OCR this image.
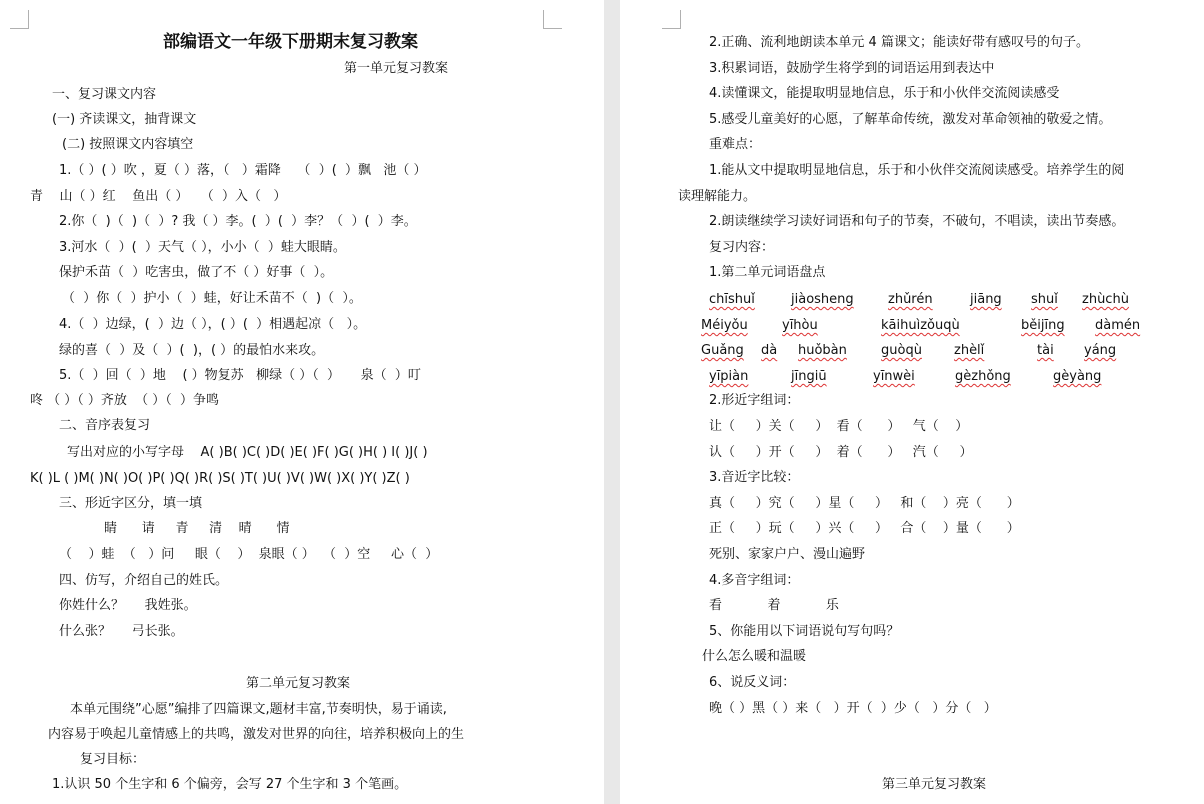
部编语文一年级下册期末复习教案
第一单元复习教案
一、复习课文内容
(一) 齐读课文，抽背课文
(二) 按照课文内容填空
1.（ ）( ）吹 ，夏（ ）落，（   ）霜降    （  ）(  ）飘   池（ ）
青    山（ ）红    鱼出（ ）   （  ）入（   ）
2.你（  )（  )（  ）? 我（ ）李。(  ）(  ）李？（  ）(  ）李。
3.河水（  ）(  ）天气（ ），小小（  ）蛙大眼睛。
保护禾苗（  ）吃害虫，做了不（ ）好事（  ）。
（  ）你（  ）护小（  ）蛙，好让禾苗不（  )（  ）。
4.（  ）边绿，(  ）边（ ），( ）(  ）相遇起凉（   ）。
绿的喜（  ）及（  ）(  )，( ）的最怕水来攻。
5.（  ）回（  ）地    ( ）物复苏   柳绿（ ）（  ）     泉（  ）叮
咚 （ ）（ ）齐放  （ ）（  ）争鸣
二、音序表复习
写出对应的小写字母    A( )B( )C( )D( )E( )F( )G( )H( ) I( )J( )
K( )L ( )M( )N( )O( )P( )Q( )R( )S( )T( )U( )V( )W( )X( )Y( )Z( )
三、形近字区分，填一填
睛      请     青     清    晴      情
（    ）蛙  （   ）问     眼（    ）  泉眼（ ）  （  ）空     心（  ）
四、仿写，介绍自己的姓氏。
你姓什么？     我姓张。
什么张？     弓长张。
第二单元复习教案
本单元围绕”心愿”编排了四篇课文,题材丰富,节奏明快，易于诵读,
内容易于唤起儿童情感上的共鸣，激发对世界的向往，培养积极向上的生
复习目标：
1.认识 50 个生字和 6 个偏旁，会写 27 个生字和 3 个笔画。
2.正确、流利地朗读本单元 4 篇课文；能读好带有感叹号的句子。
3.积累词语，鼓励学生将学到的词语运用到表达中
4.读懂课文，能提取明显地信息，乐于和小伙伴交流阅读感受
5.感受儿童美好的心愿，了解革命传统，激发对革命领袖的敬爱之情。
重难点：
1.能从文中提取明显地信息，乐于和小伙伴交流阅读感受。培养学生的阅
读理解能力。
2.朗读继续学习读好词语和句子的节奏，不破句，不唱读，读出节奏感。
复习内容：
1.第二单元词语盘点
chīshuǐ	jiàosheng	zhǔrén	jiāng shuǐ zhùchù
Méiyǒu	yīhòu	kāihuìzǒuqù	běijīng dàmén
Guǎng dà huǒbàn	guòqù zhèlǐ	tài yáng
yīpiàn	jīngiū	yīnwèi	gèzhǒng	gèyàng
2.形近字组词：
让（     ）关（     ）  看（      ）   气（    ）
认（     ）开（     ）  着（      ）   汽（     ）
3.音近字比较：
真（     ）究（     ）星（     ）   和（    ）亮（      ）
正（     ）玩（     ）兴（     ）   合（    ）量（      ）
死别、家家户户、漫山遍野
4.多音字组词：
看           着           乐
5、你能用以下词语说句写句吗？
什么怎么暖和温暖
6、说反义词：
晚（ ）黑（ ）来（   ）开（  ）少（   ）分（   ）
第三单元复习教案
